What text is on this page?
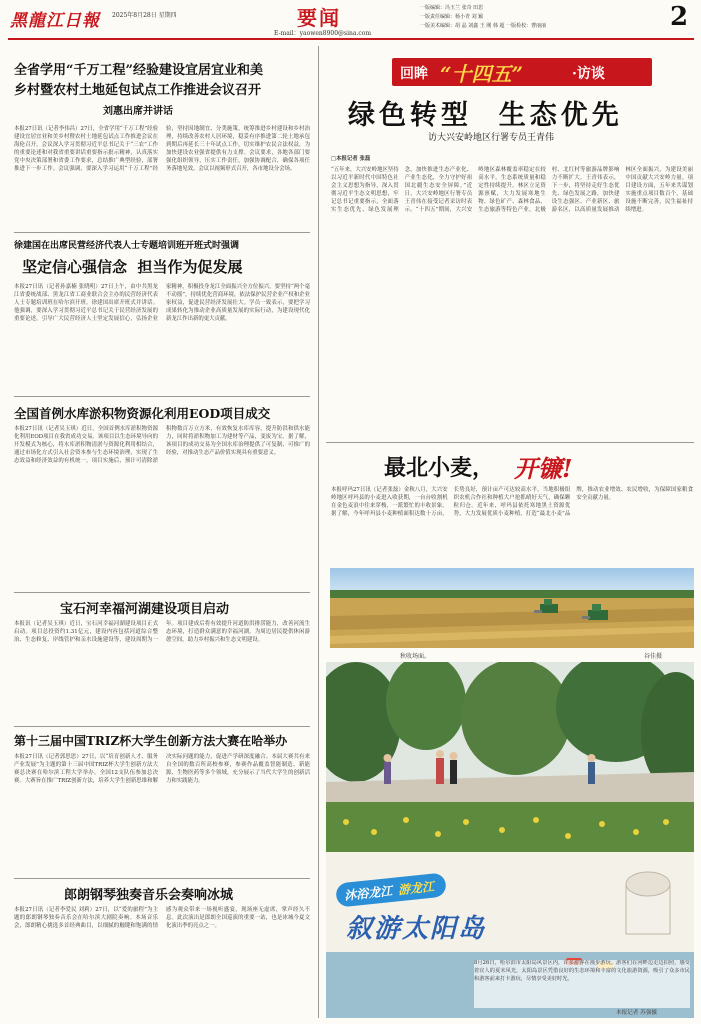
黑龍江日報 2025年8月28日 星期四	要闻
E-mail：yaowen8900@sina.com
一版编辑：冯玉兰 张奇 田思
一版责任编辑：杨小青 刘 颖
一版美术编辑：胡 晶 刘鑫 王 刚 韩 超 一版检校：曹丽丽	2
全省学用“千万工程”经验建设宜居宜业和美
乡村暨农村土地延包试点工作推进会议召开
刘惠出席并讲话
本报27日讯（记者李伟昌）27日，全省学用“千万工程”经验建设宜居宜业和美乡村暨农村土地延包试点工作推进会议在海伦召开。会议深入学习贯彻习近平总书记关于“三农”工作的重要论述和对我省重要讲话重要指示批示精神，认真落实党中央决策部署和省委工作要求，总结推广典型经验，部署推进下一步工作。会议强调，要深入学习运用“千万工程”经验，坚持因地制宜、分类施策，统筹推进乡村建设和乡村治理，持续改善农村人居环境，稳妥有序推进第二轮土地承包到期后再延长三十年试点工作，切实维护农民合法权益，为加快建设农业强省提供有力支撑。会议要求，各地各部门要强化组织领导，压实工作责任，加强协调配合，确保各项任务落地见效。会议以视频形式召开，各市地设分会场。
徐建国在出席民营经济代表人士专题培训班开班式时强调
坚定信心强信念  担当作为促发展
本报27日讯（记者孙嘉楠 张晓明）27日上午，由中共黑龙江省委统战部、黑龙江省工商业联合会主办的民营经济代表人士专题培训班在哈尔滨开班。徐建国出席开班式并讲话。他强调，要深入学习贯彻习近平总书记关于民营经济发展的重要论述，引导广大民营经济人士坚定发展信心，弘扬企业家精神，积极投身龙江全面振兴全方位振兴。要坚持“两个毫不动摇”，持续优化营商环境，依法保护民营企业产权和企业家权益，促进民营经济发展壮大。学员一致表示，要把学习成果转化为推动企业高质量发展的实际行动，为建设现代化新龙江作出新的更大贡献。
全国首例水库淤积物资源化利用EOD项目成交
本报27日讯（记者吴玉琪）近日，全国首例水库淤积物资源化利用EOD项目在我省成功交易。该项目以生态环境导向的开发模式为核心，将水库淤积物清淤与资源化利用相结合，通过市场化方式引入社会资本参与生态环境治理，实现了生态效益和经济效益的有机统一。项目实施后，预计可清除淤积物数百万立方米，有效恢复水库库容，提升防洪和供水能力，同时将淤积物加工为建材等产品，变废为宝。据了解，该项目的成功交易为全国水库治理提供了可复制、可推广的经验，对推动生态产品价值实现具有重要意义。
宝石河幸福河湖建设项目启动
本报讯（记者吴玉琪）近日，宝石河幸福河湖建设项目正式启动。项目总投资约1.31亿元，建设内容包括河道综合整治、生态修复、岸线管护和亲水设施建设等，建设周期为一年。项目建成后将有效提升河道防洪排涝能力，改善河流生态环境，打造群众满意的幸福河湖，为周边居民提供休闲游憩空间，助力乡村振兴和生态文明建设。
第十三届中国TRIZ杯大学生创新方法大赛在哈举办
本报27日讯（记者郭思思）27日，以“培育创新人才、服务产业发展”为主题的第十三届中国TRIZ杯大学生创新方法大赛总决赛在哈尔滨工程大学举办。全国12支队伍参加总决赛。大赛旨在推广TRIZ创新方法，培养大学生创新思维和解决实际问题的能力，促进产学研深度融合。本届大赛共有来自全国的数百所高校参赛，参赛作品覆盖智能制造、新能源、生物医药等多个领域，充分展示了当代大学生的创新活力和实践能力。
郎朗钢琴独奏音乐会奏响冰城
本报27日讯（记者李爱民 刘莉）27日，以“爱的旅程”为主题的郎朗钢琴独奏音乐会在哈尔滨大剧院奏响。本场音乐会，郎朗精心挑选多首经典曲目，以细腻的触键和饱满的情感为观众带来一场视听盛宴，现场座无虚席，掌声经久不息。此次演出是郎朗全国巡演的重要一站，也是冰城今夏文化演出季的亮点之一。
回眸 “十四五”	·访谈
绿色转型  生态优先
访大兴安岭地区行署专员王青伟
□本报记者 张磊
“五年来，大兴安岭地区坚持以习近平新时代中国特色社会主义思想为指导，深入贯彻习近平生态文明思想，牢记总书记重要指示，全面落实生态优先、绿色发展理念，加快推进生态产业化、产业生态化，全力守护好祖国北疆生态安全屏障。”近日，大兴安岭地区行署专员王青伟在接受记者采访时表示。“十四五”期间，大兴安岭地区森林覆盖率稳定在较高水平，生态系统质量和稳定性持续提升。林区立足资源禀赋，大力发展寒地生物、绿色矿产、森林食品、生态旅游等特色产业，北极村、北红村等旅游品牌影响力不断扩大。王青伟表示，下一步，将坚持走好生态优先、绿色发展之路，加快建设生态强区、产业新区、旅游名区，以高质量发展推动林区全面振兴，为建设美丽中国贡献大兴安岭力量。项目建设方面，五年来共谋划实施重点项目数百个，基础设施不断完善，民生福祉持续增进。
最北小麦， 开镰!
本报呼玛27日讯（记者张磊）金秋八月，大兴安岭地区呼玛县的小麦进入收获期，一台台收割机在金色麦浪中往来穿梭，一派繁忙的丰收景象。据了解，今年呼玛县小麦种植面积达数十万亩，长势良好，预计亩产可达较高水平。当地积极组织农机合作社和种植大户抢抓晴好天气，确保颗粒归仓。近年来，呼玛县依托寒地黑土资源优势，大力发展优质小麦种植，打造“最北小麦”品牌，推动农业增效、农民增收，为保障国家粮食安全贡献力量。
秋收场面。	谷佳摄
沐浴龙江 游龙江
叙游太阳岛
8月26日，哈尔滨市太阳岛风景区内，许多游客在漫步游玩。游客们在河畔边走边拍照，感受着宜人的夏末风光，太阳岛景区凭借良好的生态环境和丰富的文化旅游资源，吸引了众多市民和游客前来打卡游玩，尽情享受美好时光。
本报记者 苏强摄
